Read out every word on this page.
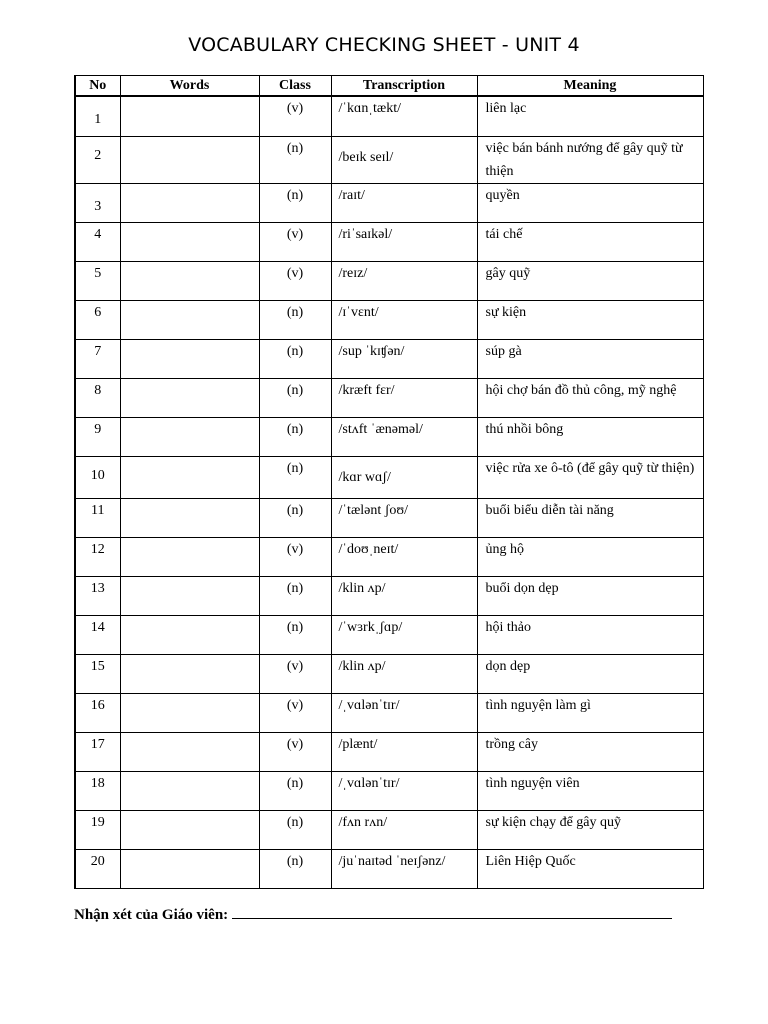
VOCABULARY CHECKING SHEET - UNIT 4
No	Words	Class	Transcription	Meaning
1		(v)	/ˈkɑnˌtækt/	liên lạc
2		(n)	/beɪk seɪl/	việc bán bánh nướng để gây quỹ từ thiện
3		(n)	/raɪt/	quyền
4		(v)	/riˈsaɪkəl/	tái chế
5		(v)	/reɪz/	gây quỹ
6		(n)	/ɪˈvɛnt/	sự kiện
7		(n)	/sup ˈkɪʧən/	súp gà
8		(n)	/kræft fɛr/	hội chợ bán đồ thủ công, mỹ nghệ
9		(n)	/stʌft ˈænəməl/	thú nhồi bông
10		(n)	/kɑr wɑʃ/	việc rửa xe ô-tô (để gây quỹ từ thiện)
11		(n)	/ˈtælənt ʃoʊ/	buổi biểu diễn tài năng
12		(v)	/ˈdoʊˌneɪt/	ủng hộ
13		(n)	/klin ʌp/	buổi dọn dẹp
14		(n)	/ˈwɜrkˌʃɑp/	hội thảo
15		(v)	/klin ʌp/	dọn dẹp
16		(v)	/ˌvɑlənˈtɪr/	tình nguyện làm gì
17		(v)	/plænt/	trồng cây
18		(n)	/ˌvɑlənˈtɪr/	tình nguyện viên
19		(n)	/fʌn rʌn/	sự kiện chạy để gây quỹ
20		(n)	/juˈnaɪtəd ˈneɪʃənz/	Liên Hiệp Quốc
Nhận xét của Giáo viên:
